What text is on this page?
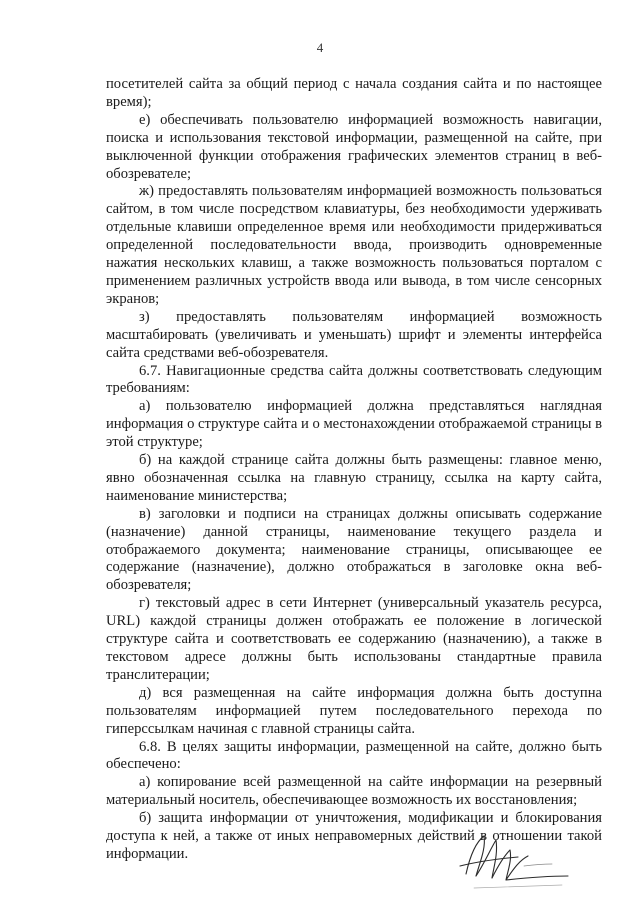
4

посетителей сайта за общий период с начала создания сайта и по настоящее время);

е) обеспечивать пользователю информацией возможность навигации, поиска и использования текстовой информации, размещенной на сайте, при выключенной функции отображения графических элементов страниц в веб-обозревателе;

ж) предоставлять пользователям информацией возможность пользоваться сайтом, в том числе посредством клавиатуры, без необходимости удерживать отдельные клавиши определенное время или необходимости придерживаться определенной последовательности ввода, производить одновременные нажатия нескольких клавиш, а также возможность пользоваться порталом с применением различных устройств ввода или вывода, в том числе сенсорных экранов;

з) предоставлять пользователям информацией возможность масштабировать (увеличивать и уменьшать) шрифт и элементы интерфейса сайта средствами веб-обозревателя.

6.7. Навигационные средства сайта должны соответствовать следующим требованиям:

а) пользователю информацией должна представляться наглядная информация о структуре сайта и о местонахождении отображаемой страницы в этой структуре;

б) на каждой странице сайта должны быть размещены: главное меню, явно обозначенная ссылка на главную страницу, ссылка на карту сайта, наименование министерства;

в) заголовки и подписи на страницах должны описывать содержание (назначение) данной страницы, наименование текущего раздела и отображаемого документа; наименование страницы, описывающее ее содержание (назначение), должно отображаться в заголовке окна веб-обозревателя;

г) текстовый адрес в сети Интернет (универсальный указатель ресурса, URL) каждой страницы должен отображать ее положение в логической структуре сайта и соответствовать ее содержанию (назначению), а также в текстовом адресе должны быть использованы стандартные правила транслитерации;

д) вся размещенная на сайте информация должна быть доступна пользователям информацией путем последовательного перехода по гиперссылкам начиная с главной страницы сайта.

6.8. В целях защиты информации, размещенной на сайте, должно быть обеспечено:

а) копирование всей размещенной на сайте информации на резервный материальный носитель, обеспечивающее возможность их восстановления;

б) защита информации от уничтожения, модификации и блокирования доступа к ней, а также от иных неправомерных действий в отношении такой информации.
